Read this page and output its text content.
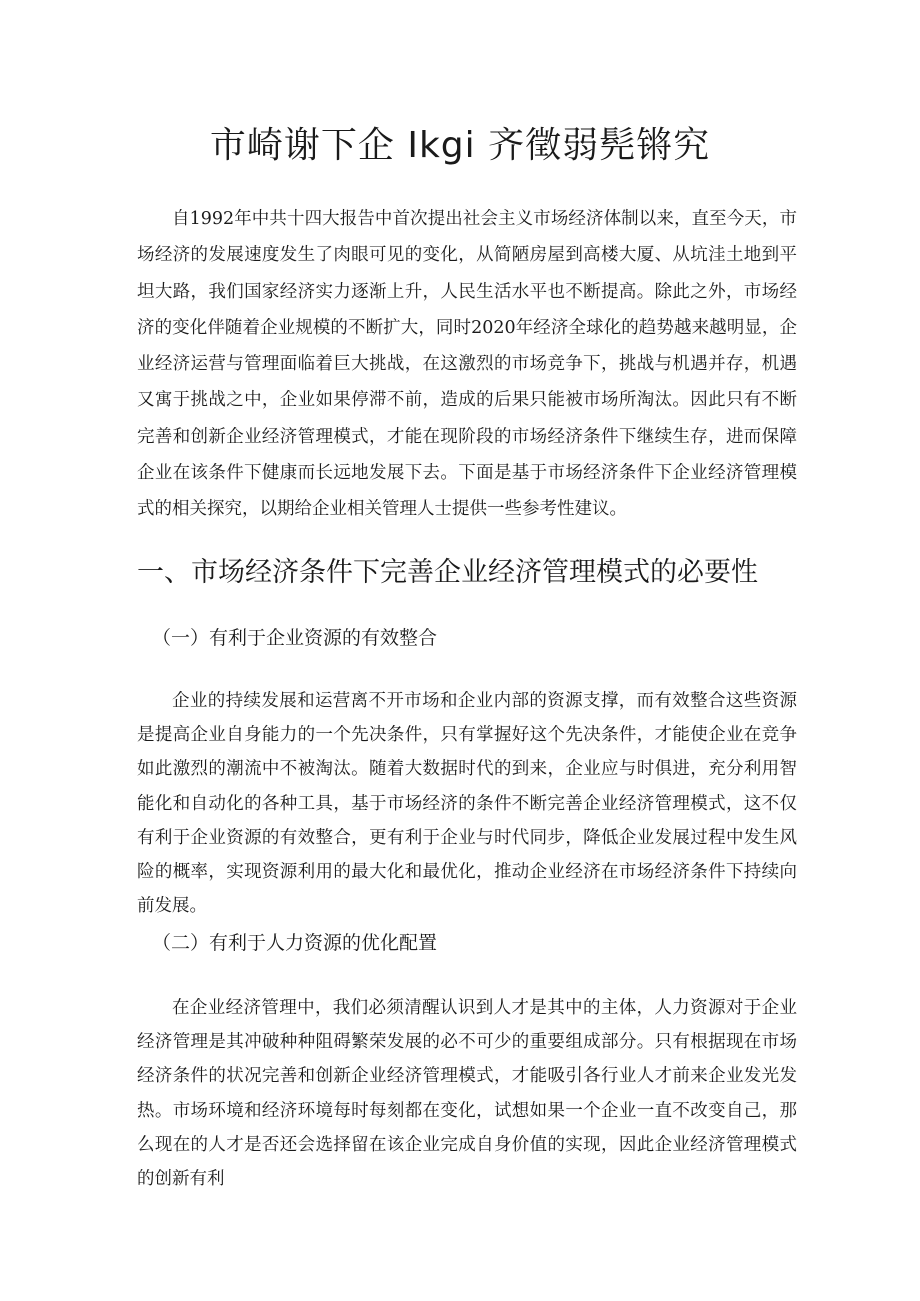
市崎谢下企 Ikgi 齐徵弱髡锵究

自1992年中共十四大报告中首次提出社会主义市场经济体制以来，直至今天，市场经济的发展速度发生了肉眼可见的变化，从简陋房屋到高楼大厦、从坑洼土地到平坦大路，我们国家经济实力逐渐上升，人民生活水平也不断提高。除此之外，市场经济的变化伴随着企业规模的不断扩大，同时2020年经济全球化的趋势越来越明显，企业经济运营与管理面临着巨大挑战，在这激烈的市场竞争下，挑战与机遇并存，机遇又寓于挑战之中，企业如果停滞不前，造成的后果只能被市场所淘汰。因此只有不断完善和创新企业经济管理模式，才能在现阶段的市场经济条件下继续生存，进而保障企业在该条件下健康而长远地发展下去。下面是基于市场经济条件下企业经济管理模式的相关探究，以期给企业相关管理人士提供一些参考性建议。

一、市场经济条件下完善企业经济管理模式的必要性
（一）有利于企业资源的有效整合

企业的持续发展和运营离不开市场和企业内部的资源支撑，而有效整合这些资源是提高企业自身能力的一个先决条件，只有掌握好这个先决条件，才能使企业在竞争如此激烈的潮流中不被淘汰。随着大数据时代的到来，企业应与时俱进，充分利用智能化和自动化的各种工具，基于市场经济的条件不断完善企业经济管理模式，这不仅有利于企业资源的有效整合，更有利于企业与时代同步，降低企业发展过程中发生风险的概率，实现资源利用的最大化和最优化，推动企业经济在市场经济条件下持续向前发展。

（二）有利于人力资源的优化配置

在企业经济管理中，我们必须清醒认识到人才是其中的主体，人力资源对于企业经济管理是其冲破种种阻碍繁荣发展的必不可少的重要组成部分。只有根据现在市场经济条件的状况完善和创新企业经济管理模式，才能吸引各行业人才前来企业发光发热。市场环境和经济环境每时每刻都在变化，试想如果一个企业一直不改变自己，那么现在的人才是否还会选择留在该企业完成自身价值的实现，因此企业经济管理模式的创新有利
